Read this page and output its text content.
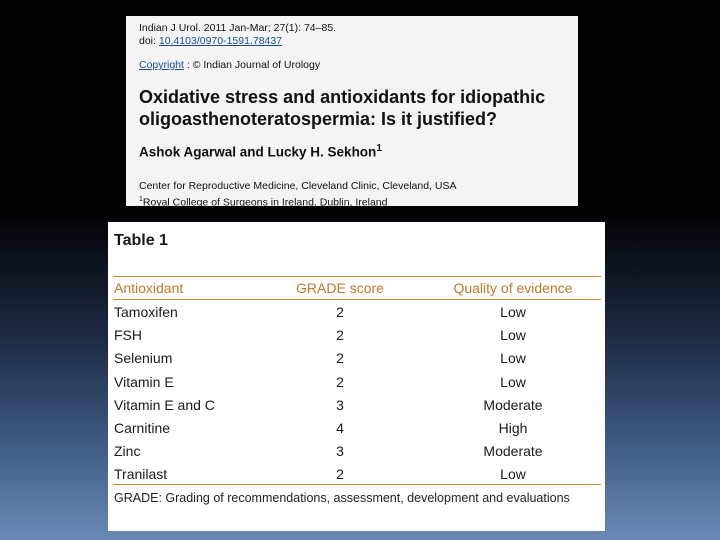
Indian J Urol. 2011 Jan-Mar; 27(1): 74–85.
doi: 10.4103/0970-1591.78437
Copyright : © Indian Journal of Urology
Oxidative stress and antioxidants for idiopathic
oligoasthenoteratospermia: Is it justified?
Ashok Agarwal and Lucky H. Sekhon$^1$
Center for Reproductive Medicine, Cleveland Clinic, Cleveland, USA
$^1$Royal College of Surgeons in Ireland, Dublin, Ireland
Table 1
Antioxidant	GRADE score	Quality of evidence
Tamoxifen	2	Low
FSH	2	Low
Selenium	2	Low
Vitamin E	2	Low
Vitamin E and C	3	Moderate
Carnitine	4	High
Zinc	3	Moderate
Tranilast	2	Low
GRADE: Grading of recommendations, assessment, development and evaluations
